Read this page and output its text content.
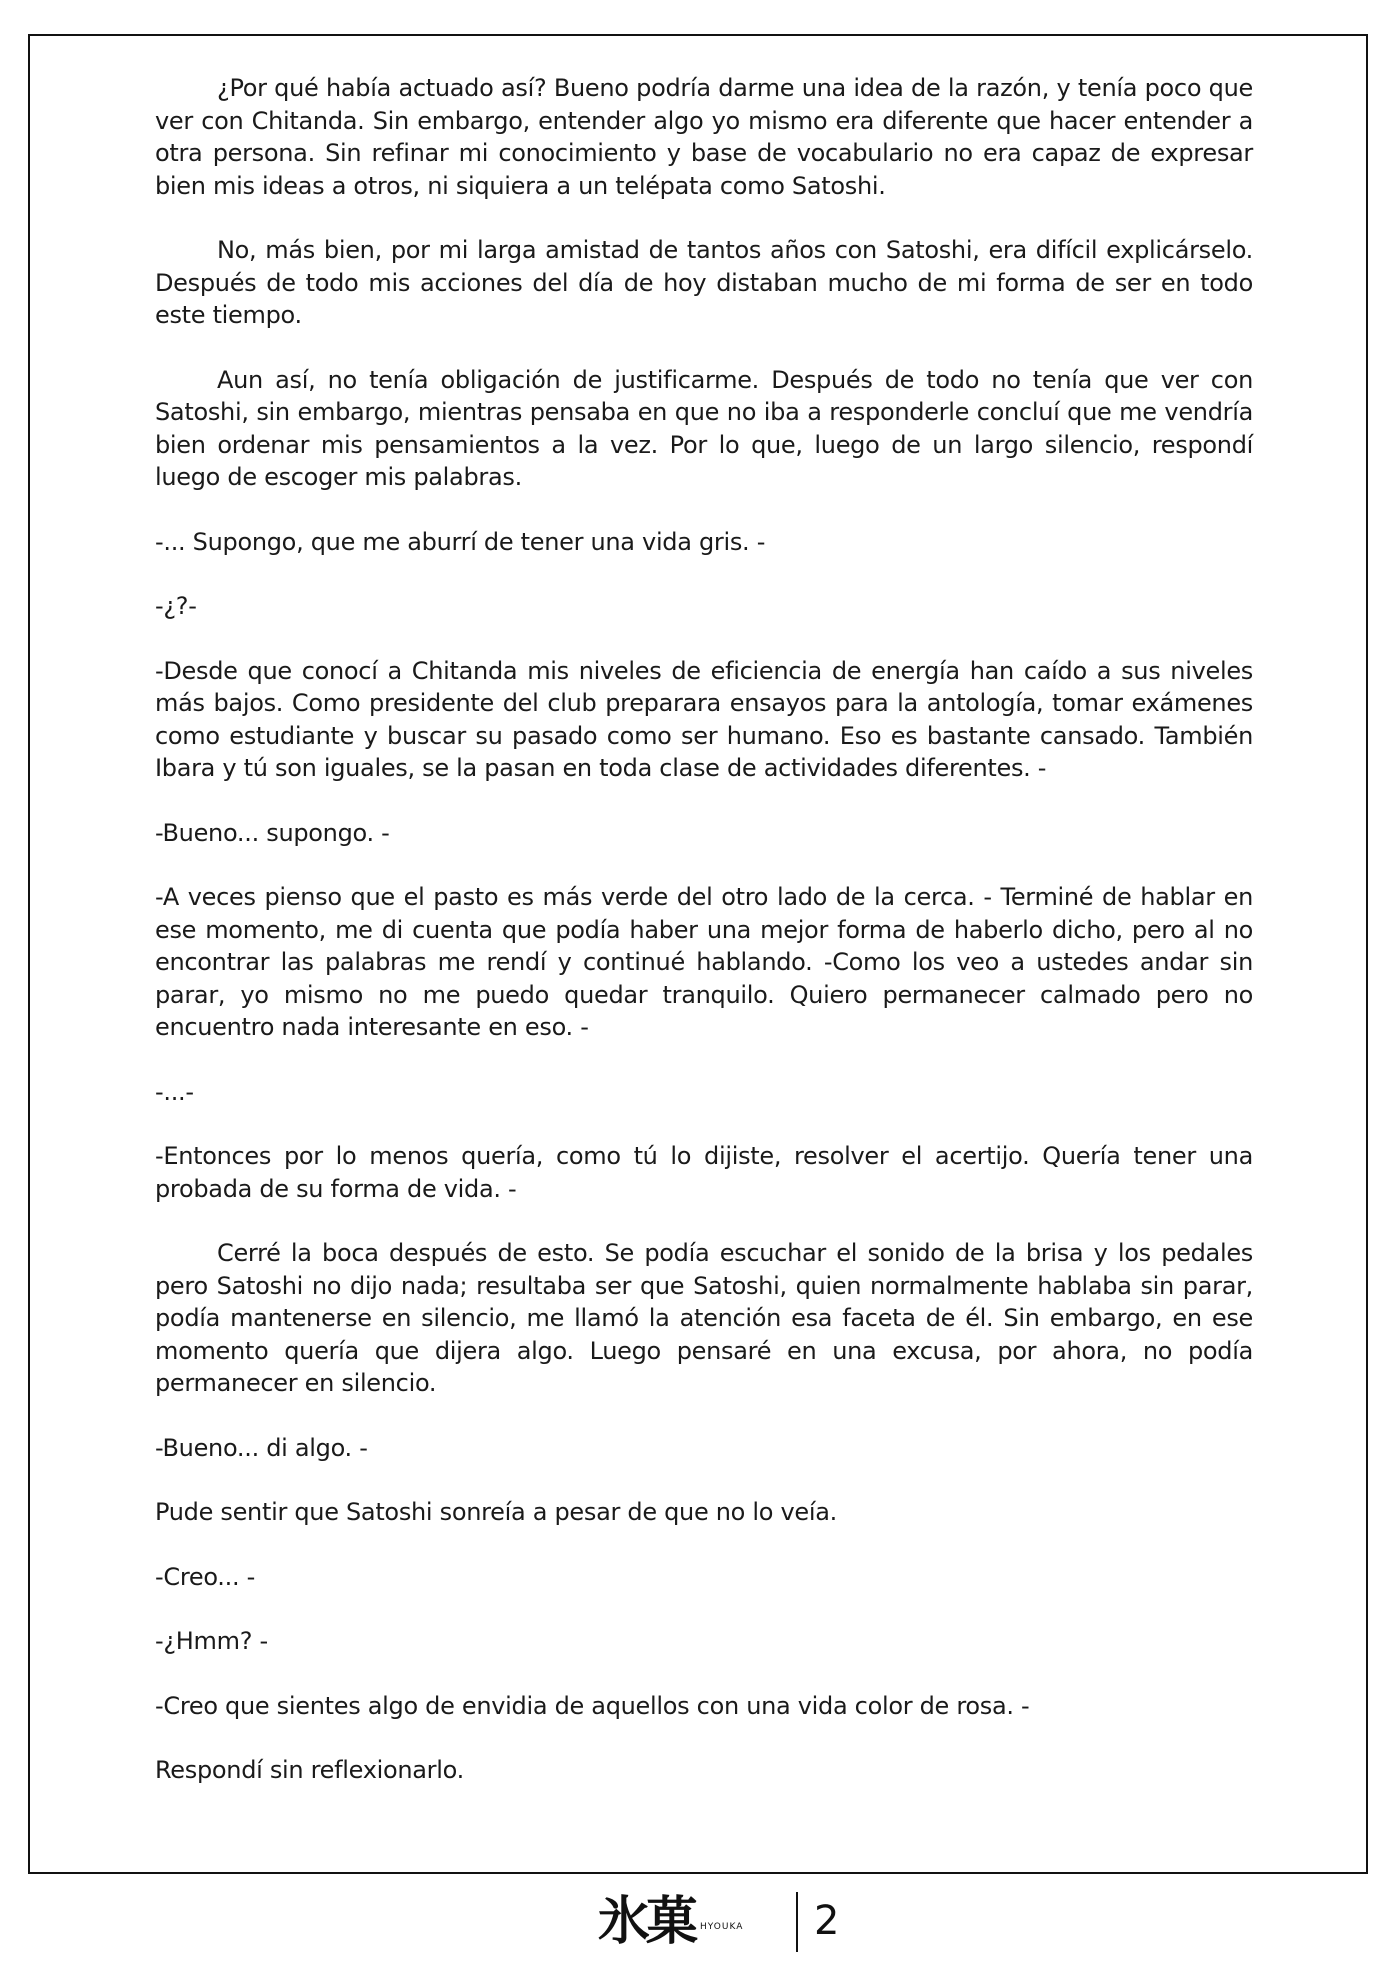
¿Por qué había actuado así? Bueno podría darme una idea de la razón, y tenía poco que ver con Chitanda. Sin embargo, entender algo yo mismo era diferente que hacer entender a otra persona. Sin refinar mi conocimiento y base de vocabulario no era capaz de expresar bien mis ideas a otros, ni siquiera a un telépata como Satoshi.

No, más bien, por mi larga amistad de tantos años con Satoshi, era difícil explicárselo. Después de todo mis acciones del día de hoy distaban mucho de mi forma de ser en todo este tiempo.

Aun así, no tenía obligación de justificarme. Después de todo no tenía que ver con Satoshi, sin embargo, mientras pensaba en que no iba a responderle concluí que me vendría bien ordenar mis pensamientos a la vez. Por lo que, luego de un largo silencio, respondí luego de escoger mis palabras.

-... Supongo, que me aburrí de tener una vida gris. -

-¿?-

-Desde que conocí a Chitanda mis niveles de eficiencia de energía han caído a sus niveles más bajos. Como presidente del club preparara ensayos para la antología, tomar exámenes como estudiante y buscar su pasado como ser humano. Eso es bastante cansado. También Ibara y tú son iguales, se la pasan en toda clase de actividades diferentes. -

-Bueno... supongo. -

-A veces pienso que el pasto es más verde del otro lado de la cerca. - Terminé de hablar en ese momento, me di cuenta que podía haber una mejor forma de haberlo dicho, pero al no encontrar las palabras me rendí y continué hablando. -Como los veo a ustedes andar sin parar, yo mismo no me puedo quedar tranquilo. Quiero permanecer calmado pero no encuentro nada interesante en eso. -

-...-

-Entonces por lo menos quería, como tú lo dijiste, resolver el acertijo. Quería tener una probada de su forma de vida. -

Cerré la boca después de esto. Se podía escuchar el sonido de la brisa y los pedales pero Satoshi no dijo nada; resultaba ser que Satoshi, quien normalmente hablaba sin parar, podía mantenerse en silencio, me llamó la atención esa faceta de él. Sin embargo, en ese momento quería que dijera algo. Luego pensaré en una excusa, por ahora, no podía permanecer en silencio.

-Bueno... di algo. -

Pude sentir que Satoshi sonreía a pesar de que no lo veía.

-Creo... -

-¿Hmm? -

-Creo que sientes algo de envidia de aquellos con una vida color de rosa. -

Respondí sin reflexionarlo.

氷菓 HYOUKA 2
